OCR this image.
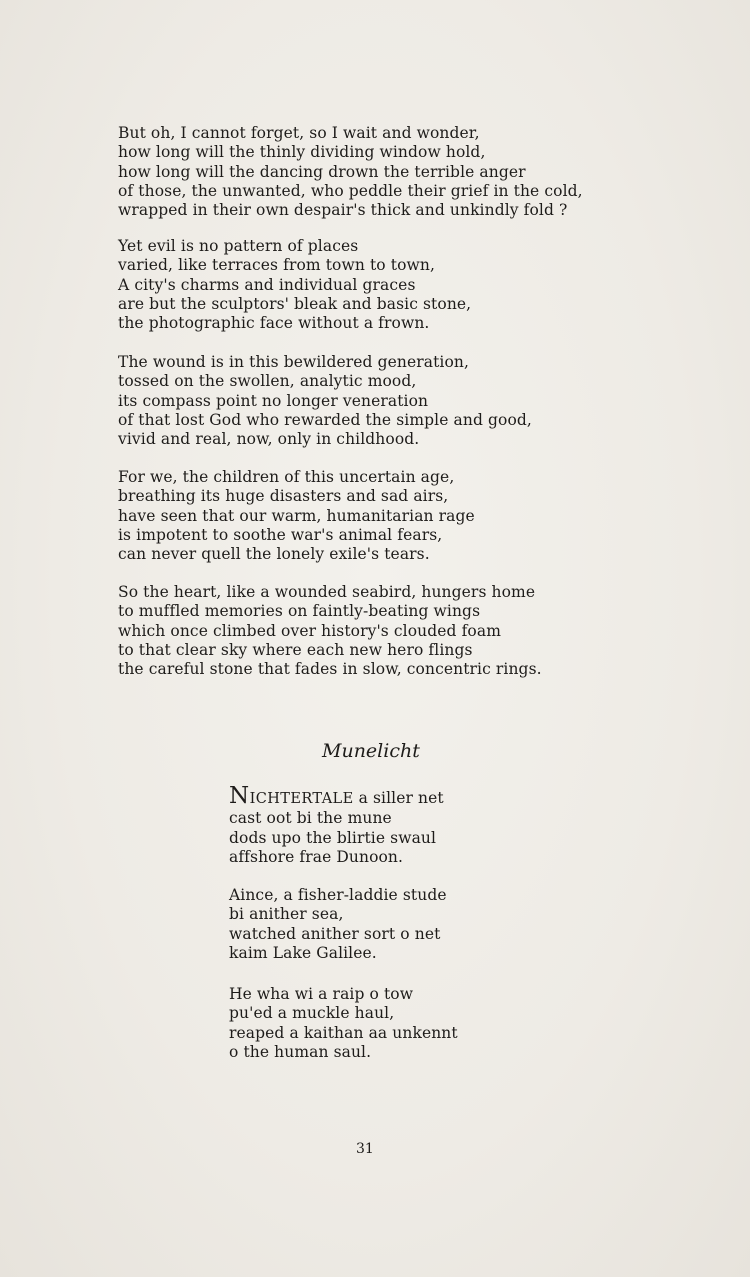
But oh, I cannot forget, so I wait and wonder,
how long will the thinly dividing window hold,
how long will the dancing drown the terrible anger
of those, the unwanted, who peddle their grief in the cold,
wrapped in their own despair's thick and unkindly fold ?
Yet evil is no pattern of places
varied, like terraces from town to town,
A city's charms and individual graces
are but the sculptors' bleak and basic stone,
the photographic face without a frown.
The wound is in this bewildered generation,
tossed on the swollen, analytic mood,
its compass point no longer veneration
of that lost God who rewarded the simple and good,
vivid and real, now, only in childhood.
For we, the children of this uncertain age,
breathing its huge disasters and sad airs,
have seen that our warm, humanitarian rage
is impotent to soothe war's animal fears,
can never quell the lonely exile's tears.
So the heart, like a wounded seabird, hungers home
to muffled memories on faintly-beating wings
which once climbed over history's clouded foam
to that clear sky where each new hero flings
the careful stone that fades in slow, concentric rings.
Munelicht
NICHTERTALE a siller net
cast oot bi the mune
dods upo the blirtie swaul
affshore frae Dunoon.
Aince, a fisher-laddie stude
bi anither sea,
watched anither sort o net
kaim Lake Galilee.
He wha wi a raip o tow
pu'ed a muckle haul,
reaped a kaithan aa unkennt
o the human saul.

31
